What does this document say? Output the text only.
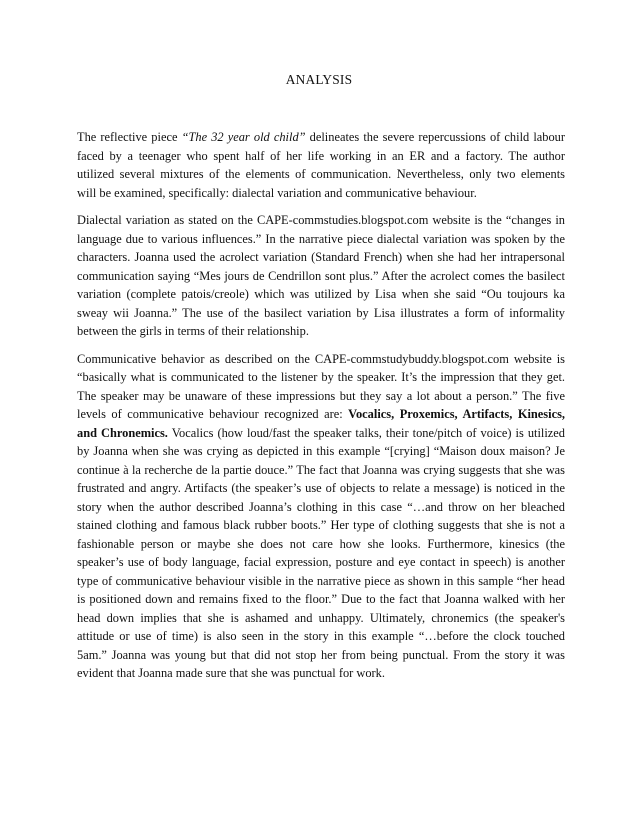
ANALYSIS
The reflective piece “The 32 year old child” delineates the severe repercussions of child labour
faced by a teenager who spent half of her life working in an ER and a factory. The author
utilized several mixtures of the elements of communication. Nevertheless, only two elements
will be examined, specifically: dialectal variation and communicative behaviour.
Dialectal variation as stated on the CAPE-commstudies.blogspot.com website is the “changes in
language due to various influences.” In the narrative piece dialectal variation was spoken by the
characters. Joanna used the acrolect variation (Standard French) when she had her intrapersonal
communication saying “Mes jours de Cendrillon sont plus.” After the acrolect comes the basilect
variation (complete patois/creole) which was utilized by Lisa when she said “Ou toujours ka
sweay wii Joanna.” The use of the basilect variation by Lisa illustrates a form of informality
between the girls in terms of their relationship.
Communicative behavior as described on the CAPE-commstudybuddy.blogspot.com website is
“basically what is communicated to the listener by the speaker. It’s the impression that they get.
The speaker may be unaware of these impressions but they say a lot about a person.” The five
levels of communicative behaviour recognized are: Vocalics, Proxemics, Artifacts, Kinesics,
and Chronemics. Vocalics (how loud/fast the speaker talks, their tone/pitch of voice) is utilized
by Joanna when she was crying as depicted in this example “[crying] “Maison doux maison? Je
continue à la recherche de la partie douce.” The fact that Joanna was crying suggests that she was
frustrated and angry. Artifacts (the speaker’s use of objects to relate a message) is noticed in the
story when the author described Joanna’s clothing in this case “…and throw on her bleached
stained clothing and famous black rubber boots.” Her type of clothing suggests that she is not a
fashionable person or maybe she does not care how she looks. Furthermore, kinesics (the
speaker’s use of body language, facial expression, posture and eye contact in speech) is another
type of communicative behaviour visible in the narrative piece as shown in this sample “her head
is positioned down and remains fixed to the floor.” Due to the fact that Joanna walked with her
head down implies that she is ashamed and unhappy. Ultimately, chronemics (the speaker's
attitude or use of time) is also seen in the story in this example “…before the clock touched
5am.” Joanna was young but that did not stop her from being punctual. From the story it was
evident that Joanna made sure that she was punctual for work.
